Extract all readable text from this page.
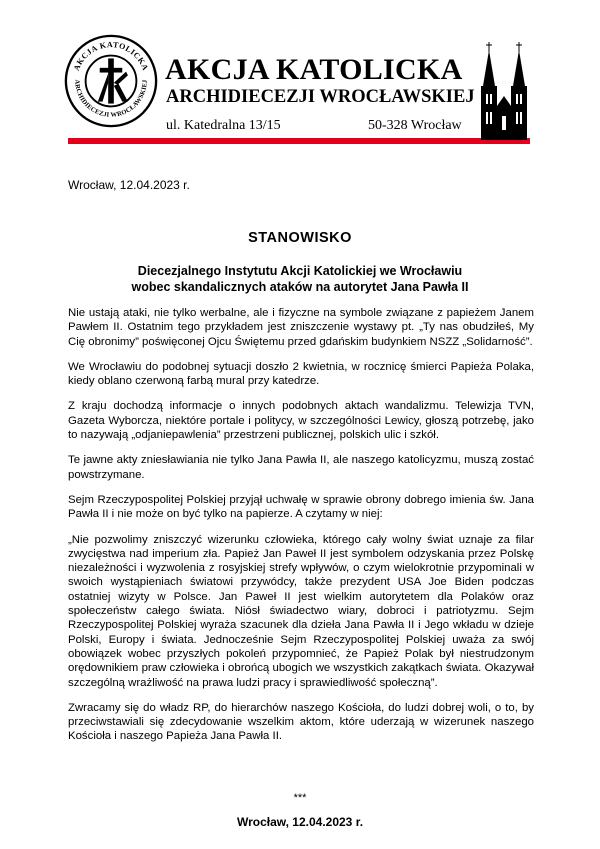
AKCJA KATOLICKA
ARCHIDIECEZJI WROCŁAWSKIEJ AKCJA KATOLICKA
ARCHIDIECEZJI WROCŁAWSKIEJ
ul. Katedralna 13/15	50-328 Wrocław
Wrocław, 12.04.2023 r.
STANOWISKO
Diecezjalnego Instytutu Akcji Katolickiej we Wrocławiu
wobec skandalicznych ataków na autorytet Jana Pawła II

Nie ustają ataki, nie tylko werbalne, ale i fizyczne na symbole związane z papieżem Janem Pawłem II. Ostatnim tego przykładem jest zniszczenie wystawy pt. „Ty nas obudziłeś, My Cię obronimy” poświęconej Ojcu Świętemu przed gdańskim budynkiem NSZZ „Solidarność”.

We Wrocławiu do podobnej sytuacji doszło 2 kwietnia, w rocznicę śmierci Papieża Polaka, kiedy oblano czerwoną farbą mural przy katedrze.

Z kraju dochodzą informacje o innych podobnych aktach wandalizmu. Telewizja TVN, Gazeta Wyborcza, niektóre portale i politycy, w szczególności Lewicy, głoszą potrzebę, jako to nazywają „odjaniepawlenia” przestrzeni publicznej, polskich ulic i szkół.

Te jawne akty zniesławiania nie tylko Jana Pawła II, ale naszego katolicyzmu, muszą zostać powstrzymane.

Sejm Rzeczypospolitej Polskiej przyjął uchwałę w sprawie obrony dobrego imienia św. Jana Pawła II i nie może on być tylko na papierze. A czytamy w niej:

„Nie pozwolimy zniszczyć wizerunku człowieka, którego cały wolny świat uznaje za filar zwycięstwa nad imperium zła. Papież Jan Paweł II jest symbolem odzyskania przez Polskę niezależności i wyzwolenia z rosyjskiej strefy wpływów, o czym wielokrotnie przypominali w swoich wystąpieniach światowi przywódcy, także prezydent USA Joe Biden podczas ostatniej wizyty w Polsce. Jan Paweł II jest wielkim autorytetem dla Polaków oraz społeczeństw całego świata. Niósł świadectwo wiary, dobroci i patriotyzmu. Sejm Rzeczypospolitej Polskiej wyraża szacunek dla dzieła Jana Pawła II i Jego wkładu w dzieje Polski, Europy i świata. Jednocześnie Sejm Rzeczypospolitej Polskiej uważa za swój obowiązek wobec przyszłych pokoleń przypomnieć, że Papież Polak był niestrudzonym orędownikiem praw człowieka i obrońcą ubogich we wszystkich zakątkach świata. Okazywał szczególną wrażliwość na prawa ludzi pracy i sprawiedliwość społeczną”.

Zwracamy się do władz RP, do hierarchów naszego Kościoła, do ludzi dobrej woli, o to, by przeciwstawiali się zdecydowanie wszelkim aktom, które uderzają w wizerunek naszego Kościoła i naszego Papieża Jana Pawła II.

***
Wrocław, 12.04.2023 r.
